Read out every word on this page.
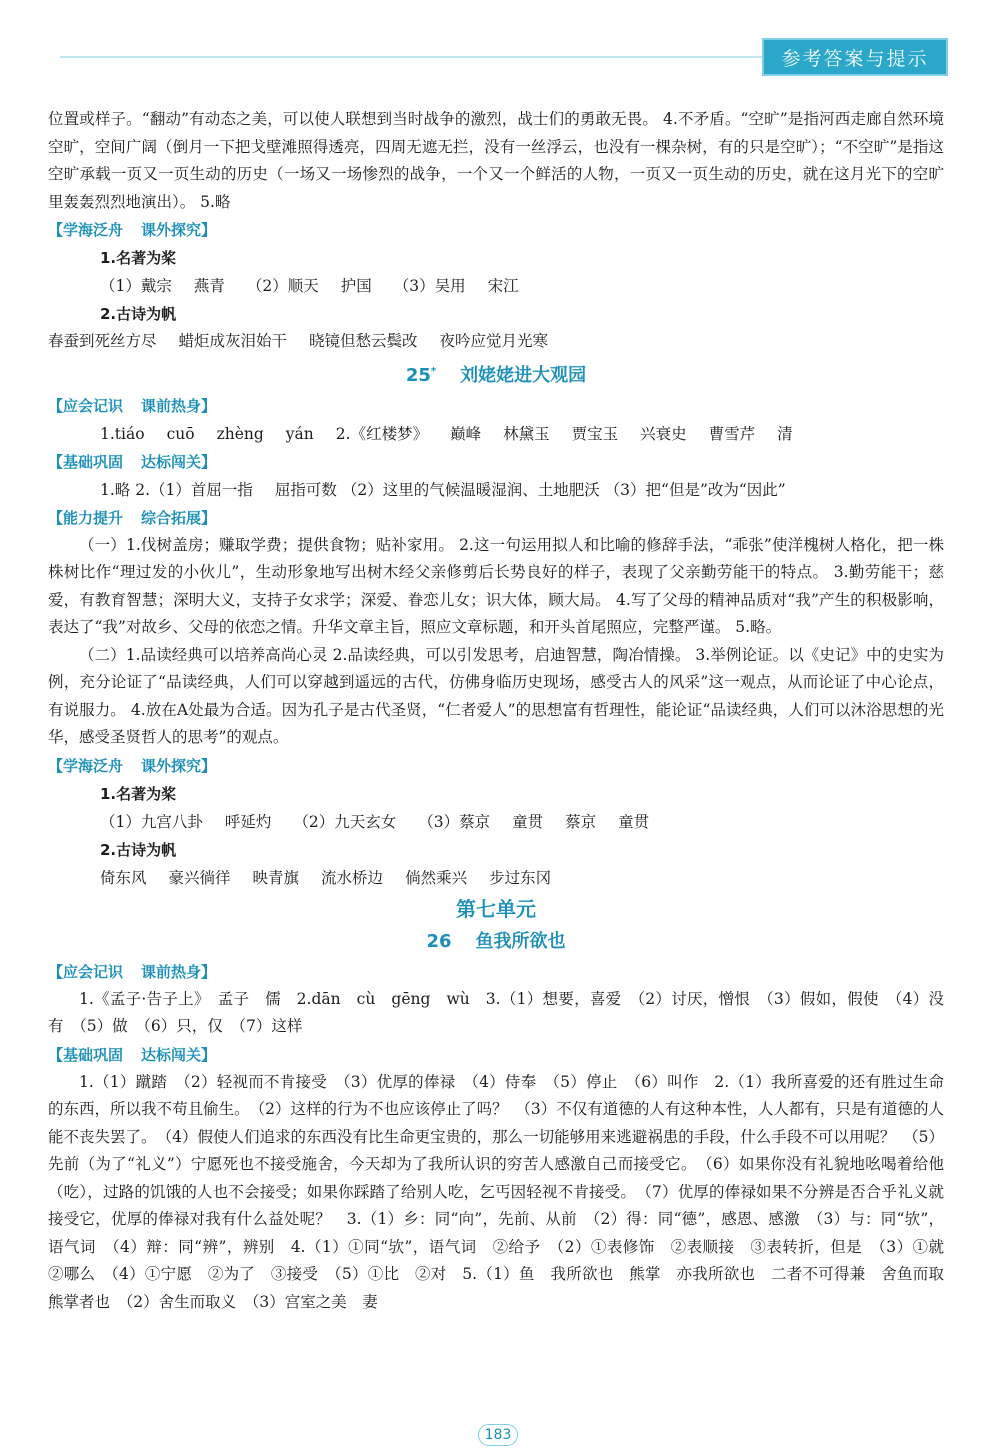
参考答案与提示

位置或样子。“翻动”有动态之美，可以使人联想到当时战争的激烈，战士们的勇敢无畏。 4.不矛盾。“空旷”是指河西走廊自然环境空旷，空间广阔（倒月一下把戈壁滩照得透亮，四周无遮无拦，没有一丝浮云，也没有一棵杂树，有的只是空旷）；“不空旷”是指这空旷承载一页又一页生动的历史（一场又一场惨烈的战争，一个又一个鲜活的人物，一页又一页生动的历史，就在这月光下的空旷里轰轰烈烈地演出）。 5.略

【学海泛舟 课外探究】
1.名著为桨
（1）戴宗 燕青 （2）顺天 护国 （3）吴用 宋江
2.古诗为帆
春蚕到死丝方尽 蜡炬成灰泪始干 晓镜但愁云鬓改 夜吟应觉月光寒
25* 刘姥姥进大观园
【应会记识 课前热身】
1.tiáo cuō zhèng yán 2.《红楼梦》 巅峰 林黛玉 贾宝玉 兴衰史 曹雪芹 清
【基础巩固 达标闯关】
1.略 2.（1）首屈一指 屈指可数 （2）这里的气候温暖湿润、土地肥沃 （3）把“但是”改为“因此”
【能力提升 综合拓展】

（一）1.伐树盖房；赚取学费；提供食物；贴补家用。 2.这一句运用拟人和比喻的修辞手法，“乖张”使洋槐树人格化，把一株株树比作“理过发的小伙儿”，生动形象地写出树木经父亲修剪后长势良好的样子，表现了父亲勤劳能干的特点。 3.勤劳能干；慈爱，有教育智慧；深明大义，支持子女求学；深爱、眷恋儿女；识大体，顾大局。 4.写了父母的精神品质对“我”产生的积极影响，表达了“我”对故乡、父母的依恋之情。升华文章主旨，照应文章标题，和开头首尾照应，完整严谨。 5.略。

（二）1.品读经典可以培养高尚心灵 2.品读经典，可以引发思考，启迪智慧，陶冶情操。 3.举例论证。以《史记》中的史实为例，充分论证了“品读经典，人们可以穿越到遥远的古代，仿佛身临历史现场，感受古人的风采”这一观点，从而论证了中心论点，有说服力。 4.放在A处最为合适。因为孔子是古代圣贤，“仁者爱人”的思想富有哲理性，能论证“品读经典，人们可以沐浴思想的光华，感受圣贤哲人的思考”的观点。

【学海泛舟 课外探究】
1.名著为桨
（1）九宫八卦 呼延灼 （2）九天玄女 （3）蔡京 童贯 蔡京 童贯
2.古诗为帆
倚东风 豪兴徜徉 映青旗 流水桥边 倘然乘兴 步过东冈
第七单元
26 鱼我所欲也
【应会记识 课前热身】

1.《孟子·告子上》　孟子　儒　2.dān　cù　gēng　wù　3.（1）想要，喜爱　（2）讨厌，憎恨　（3）假如，假使　（4）没有　（5）做　（6）只，仅　（7）这样

【基础巩固 达标闯关】

1.（1）蹴踏　（2）轻视而不肯接受　（3）优厚的俸禄　（4）侍奉　（5）停止　（6）叫作　2.（1）我所喜爱的还有胜过生命的东西，所以我不苟且偷生。　（2）这样的行为不也应该停止了吗？　（3）不仅有道德的人有这种本性，人人都有，只是有道德的人能不丧失罢了。　（4）假使人们追求的东西没有比生命更宝贵的，那么一切能够用来逃避祸患的手段，什么手段不可以用呢？　（5）先前（为了“礼义”）宁愿死也不接受施舍，今天却为了我所认识的穷苦人感激自己而接受它。　（6）如果你没有礼貌地吆喝着给他（吃），过路的饥饿的人也不会接受；如果你踩踏了给别人吃，乞丐因轻视不肯接受。　（7）优厚的俸禄如果不分辨是否合乎礼义就接受它，优厚的俸禄对我有什么益处呢？　3.（1）乡：同“向”，先前、从前　（2）得：同“德”，感恩、感激　（3）与：同“欤”，语气词　（4）辩：同“辨”，辨别　4.（1）①同“欤”，语气词　②给予　（2）①表修饰　②表顺接　③表转折，但是　（3）①就　②哪么　（4）①宁愿　②为了　③接受　（5）①比　②对　5.（1）鱼　我所欲也　熊掌　亦我所欲也　二者不可得兼　舍鱼而取熊掌者也　（2）舍生而取义　（3）宫室之美　妻

183
